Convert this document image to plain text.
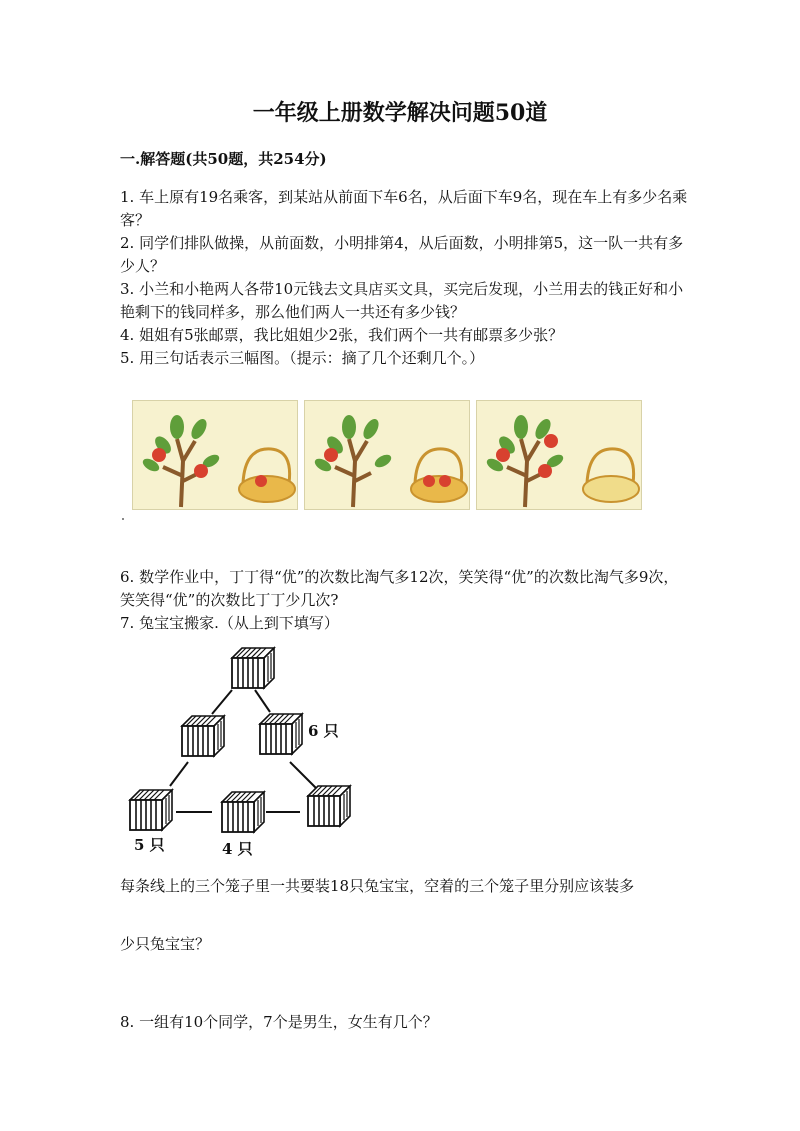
一年级上册数学解决问题50道
一.解答题(共50题，共254分)

1. 车上原有19名乘客，到某站从前面下车6名，从后面下车9名，现在车上有多少名乘客？

2. 同学们排队做操，从前面数，小明排第4，从后面数，小明排第5，这一队一共有多少人？

3. 小兰和小艳两人各带10元钱去文具店买文具，买完后发现，小兰用去的钱正好和小艳剩下的钱同样多，那么他们两人一共还有多少钱？

4. 姐姐有5张邮票，我比姐姐少2张，我们两个一共有邮票多少张？

5. 用三句话表示三幅图。（提示：摘了几个还剩几个。）

6. 数学作业中，丁丁得“优”的次数比淘气多12次，笑笑得“优”的次数比淘气多9次，笑笑得“优”的次数比丁丁少几次?

7. 兔宝宝搬家.（从上到下填写）

6 只
5 只	4 只

每条线上的三个笼子里一共要装18只兔宝宝，空着的三个笼子里分别应该装多

少只兔宝宝？

8. 一组有10个同学，7个是男生，女生有几个？
